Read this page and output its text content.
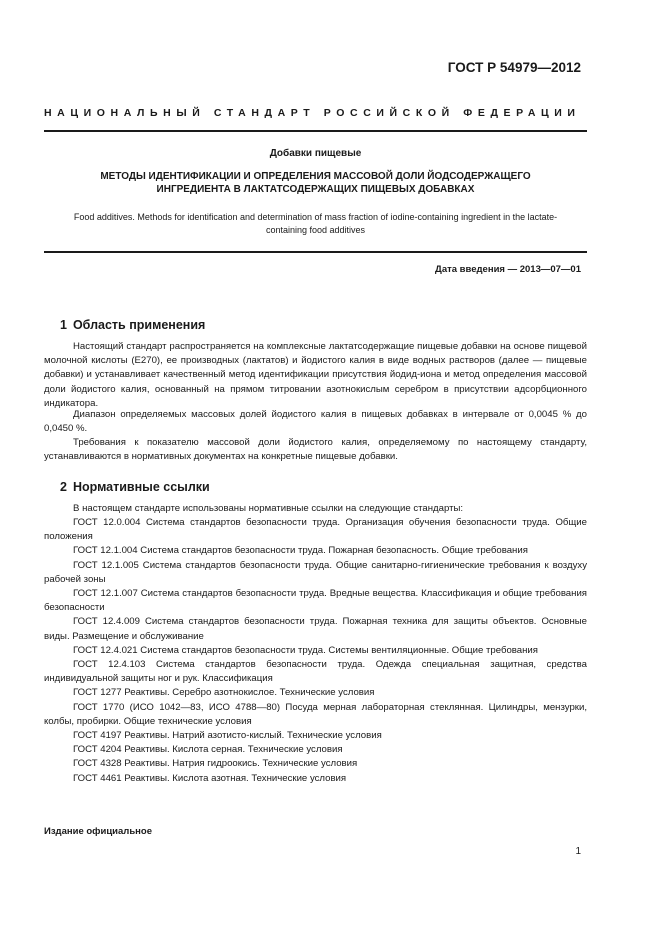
ГОСТ Р 54979—2012
НАЦИОНАЛЬНЫЙ СТАНДАРТ РОССИЙСКОЙ ФЕДЕРАЦИИ
Добавки пищевые
МЕТОДЫ ИДЕНТИФИКАЦИИ И ОПРЕДЕЛЕНИЯ МАССОВОЙ ДОЛИ ЙОДСОДЕРЖАЩЕГО ИНГРЕДИЕНТА В ЛАКТАТСОДЕРЖАЩИХ ПИЩЕВЫХ ДОБАВКАХ
Food additives. Methods for identification and determination of mass fraction of iodine-containing ingredient in the lactate-containing food additives
Дата введения — 2013—07—01
1 Область применения

Настоящий стандарт распространяется на комплексные лактатсодержащие пищевые добавки на основе пищевой молочной кислоты (E270), ее производных (лактатов) и йодистого калия в виде водных растворов (далее — пищевые добавки) и устанавливает качественный метод идентификации присутствия йодид-иона и метод определения массовой доли йодистого калия, основанный на прямом титровании азотнокислым серебром в присутствии адсорбционного индикатора.

Диапазон определяемых массовых долей йодистого калия в пищевых добавках в интервале от 0,0045 % до 0,0450 %.

Требования к показателю массовой доли йодистого калия, определяемому по настоящему стандарту, устанавливаются в нормативных документах на конкретные пищевые добавки.

2 Нормативные ссылки

В настоящем стандарте использованы нормативные ссылки на следующие стандарты:

ГОСТ 12.0.004 Система стандартов безопасности труда. Организация обучения безопасности труда. Общие положения
ГОСТ 12.1.004 Система стандартов безопасности труда. Пожарная безопасность. Общие требования
ГОСТ 12.1.005 Система стандартов безопасности труда. Общие санитарно-гигиенические требования к воздуху рабочей зоны
ГОСТ 12.1.007 Система стандартов безопасности труда. Вредные вещества. Классификация и общие требования безопасности
ГОСТ 12.4.009 Система стандартов безопасности труда. Пожарная техника для защиты объектов. Основные виды. Размещение и обслуживание
ГОСТ 12.4.021 Система стандартов безопасности труда. Системы вентиляционные. Общие требования
ГОСТ 12.4.103 Система стандартов безопасности труда. Одежда специальная защитная, средства индивидуальной защиты ног и рук. Классификация
ГОСТ 1277 Реактивы. Серебро азотнокислое. Технические условия
ГОСТ 1770 (ИСО 1042—83, ИСО 4788—80) Посуда мерная лабораторная стеклянная. Цилиндры, мензурки, колбы, пробирки. Общие технические условия
ГОСТ 4197 Реактивы. Натрий азотисто-кислый. Технические условия
ГОСТ 4204 Реактивы. Кислота серная. Технические условия
ГОСТ 4328 Реактивы. Натрия гидроокись. Технические условия
ГОСТ 4461 Реактивы. Кислота азотная. Технические условия
Издание официальное
1
